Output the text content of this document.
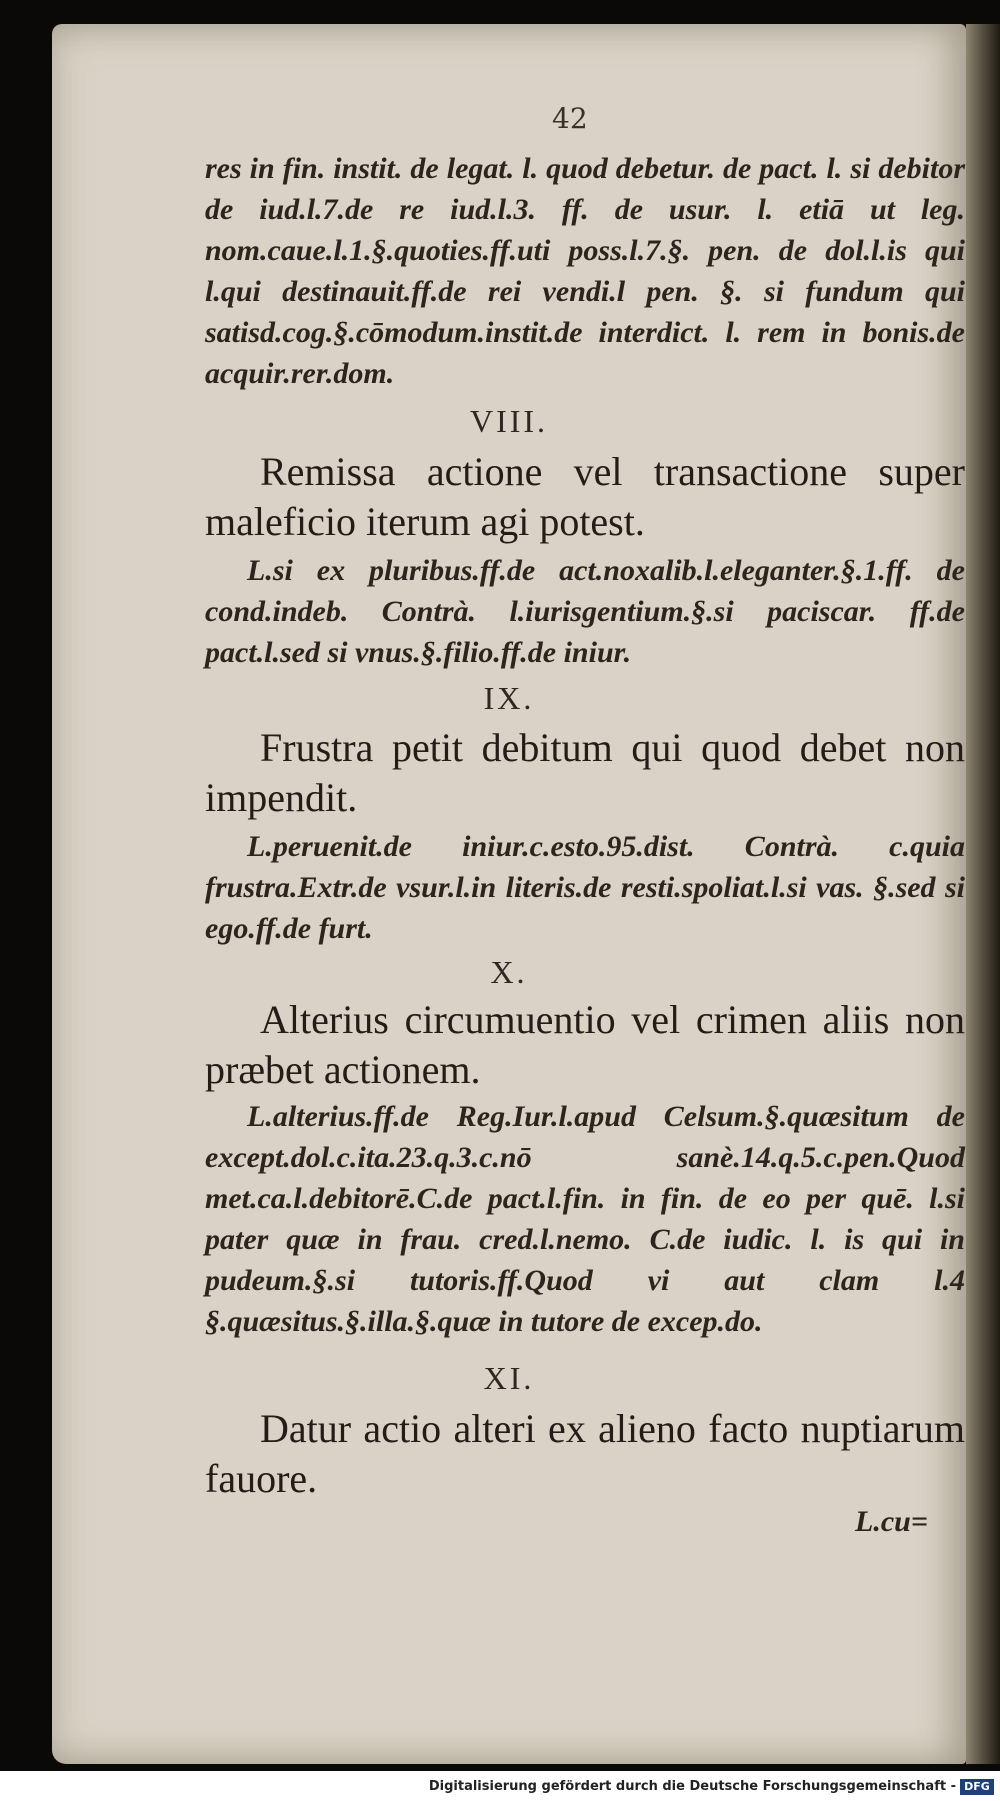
42

res in fin. instit. de legat. l. quod debetur. de pact. l. si debitor de iud.l.7.de re iud.l.3. ff. de usur. l. etiā ut leg. nom.caue.l.1.§.quoties.ff.uti poss.l.7.§. pen. de dol.l.is qui l.qui destinauit.ff.de rei vendi.l pen. §. si fundum qui satisd.cog.§.cōmodum.instit.de interdict. l. rem in bonis.de acquir.rer.dom.

VIII.

Remissa actione vel transactione super maleficio iterum agi potest.

L.si ex pluribus.ff.de act.noxalib.l.eleganter.§.1.ff. de cond.indeb. Contrà. l.iurisgentium.§.si paciscar. ff.de pact.l.sed si vnus.§.filio.ff.de iniur.

IX.

Frustra petit debitum qui quod debet non impendit.

L.peruenit.de iniur.c.esto.95.dist. Contrà. c.quia frustra.Extr.de vsur.l.in literis.de resti.spoliat.l.si vas. §.sed si ego.ff.de furt.

X.

Alterius circumuentio vel crimen aliis non præbet actionem.

L.alterius.ff.de Reg.Iur.l.apud Celsum.§.quæsitum de except.dol.c.ita.23.q.3.c.nō sanè.14.q.5.c.pen.Quod met.ca.l.debitorē.C.de pact.l.fin. in fin. de eo per quē. l.si pater quæ in frau. cred.l.nemo. C.de iudic. l. is qui in pudeum.§.si tutoris.ff.Quod vi aut clam l.4 §.quæsitus.§.illa.§.quæ in tutore de excep.do.

XI.

Datur actio alteri ex alieno facto nuptiarum fauore.

L.cu=
Digitalisierung gefördert durch die Deutsche Forschungsgemeinschaft - DFG
